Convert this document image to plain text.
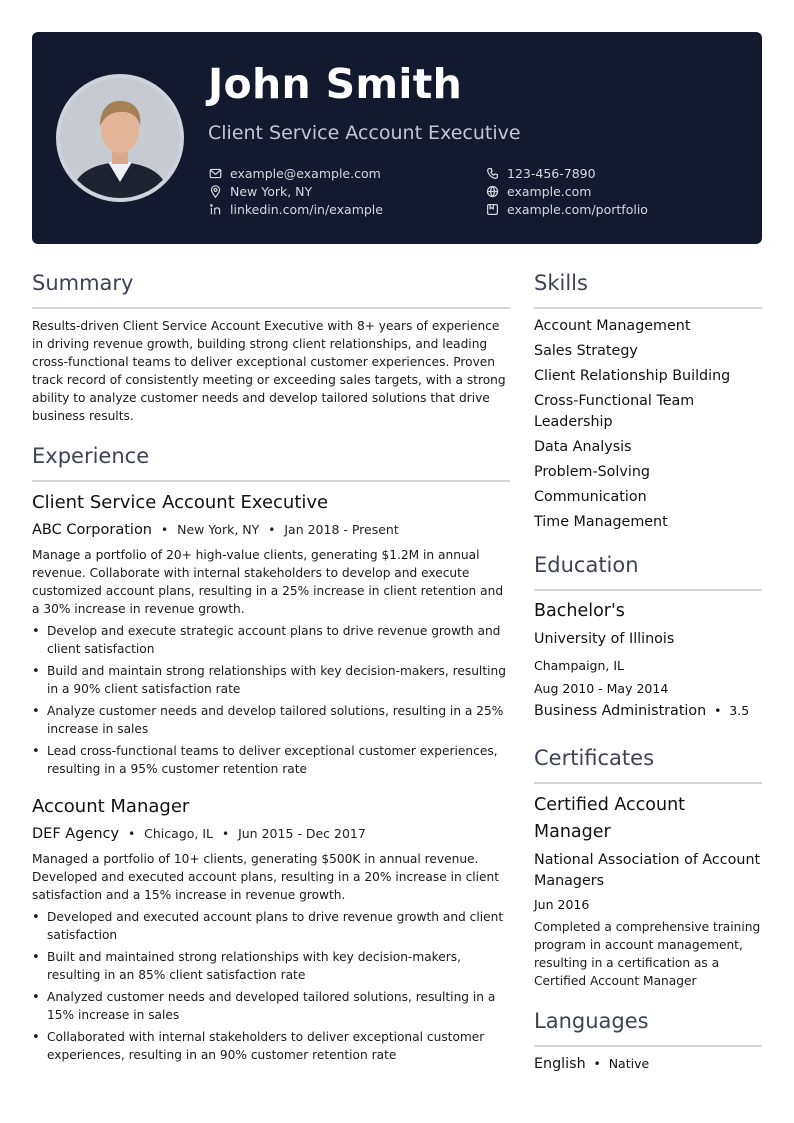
John Smith
Client Service Account Executive
example@example.com
New York, NY
linkedin.com/in/example
123-456-7890
example.com
example.com/portfolio
Summary
Results-driven Client Service Account Executive with 8+ years of experience in driving revenue growth, building strong client relationships, and leading cross-functional teams to deliver exceptional customer experiences. Proven track record of consistently meeting or exceeding sales targets, with a strong ability to analyze customer needs and develop tailored solutions that drive business results.
Experience
Client Service Account Executive
ABC Corporation • New York, NY • Jan 2018 - Present
Manage a portfolio of 20+ high-value clients, generating $1.2M in annual revenue. Collaborate with internal stakeholders to develop and execute customized account plans, resulting in a 25% increase in client retention and a 30% increase in revenue growth.
• Develop and execute strategic account plans to drive revenue growth and client satisfaction
• Build and maintain strong relationships with key decision-makers, resulting in a 90% client satisfaction rate
• Analyze customer needs and develop tailored solutions, resulting in a 25% increase in sales
• Lead cross-functional teams to deliver exceptional customer experiences, resulting in a 95% customer retention rate
Account Manager
DEF Agency • Chicago, IL • Jun 2015 - Dec 2017
Managed a portfolio of 10+ clients, generating $500K in annual revenue. Developed and executed account plans, resulting in a 20% increase in client satisfaction and a 15% increase in revenue growth.
• Developed and executed account plans to drive revenue growth and client satisfaction
• Built and maintained strong relationships with key decision-makers, resulting in an 85% client satisfaction rate
• Analyzed customer needs and developed tailored solutions, resulting in a 15% increase in sales
• Collaborated with internal stakeholders to deliver exceptional customer experiences, resulting in an 90% customer retention rate
Skills
Account Management
Sales Strategy
Client Relationship Building
Cross-Functional Team Leadership
Data Analysis
Problem-Solving
Communication
Time Management
Education
Bachelor's
University of Illinois
Champaign, IL
Aug 2010 - May 2014
Business Administration • 3.5
Certificates
Certified Account Manager
National Association of Account Managers
Jun 2016
Completed a comprehensive training program in account management, resulting in a certification as a Certified Account Manager
Languages
English • Native
